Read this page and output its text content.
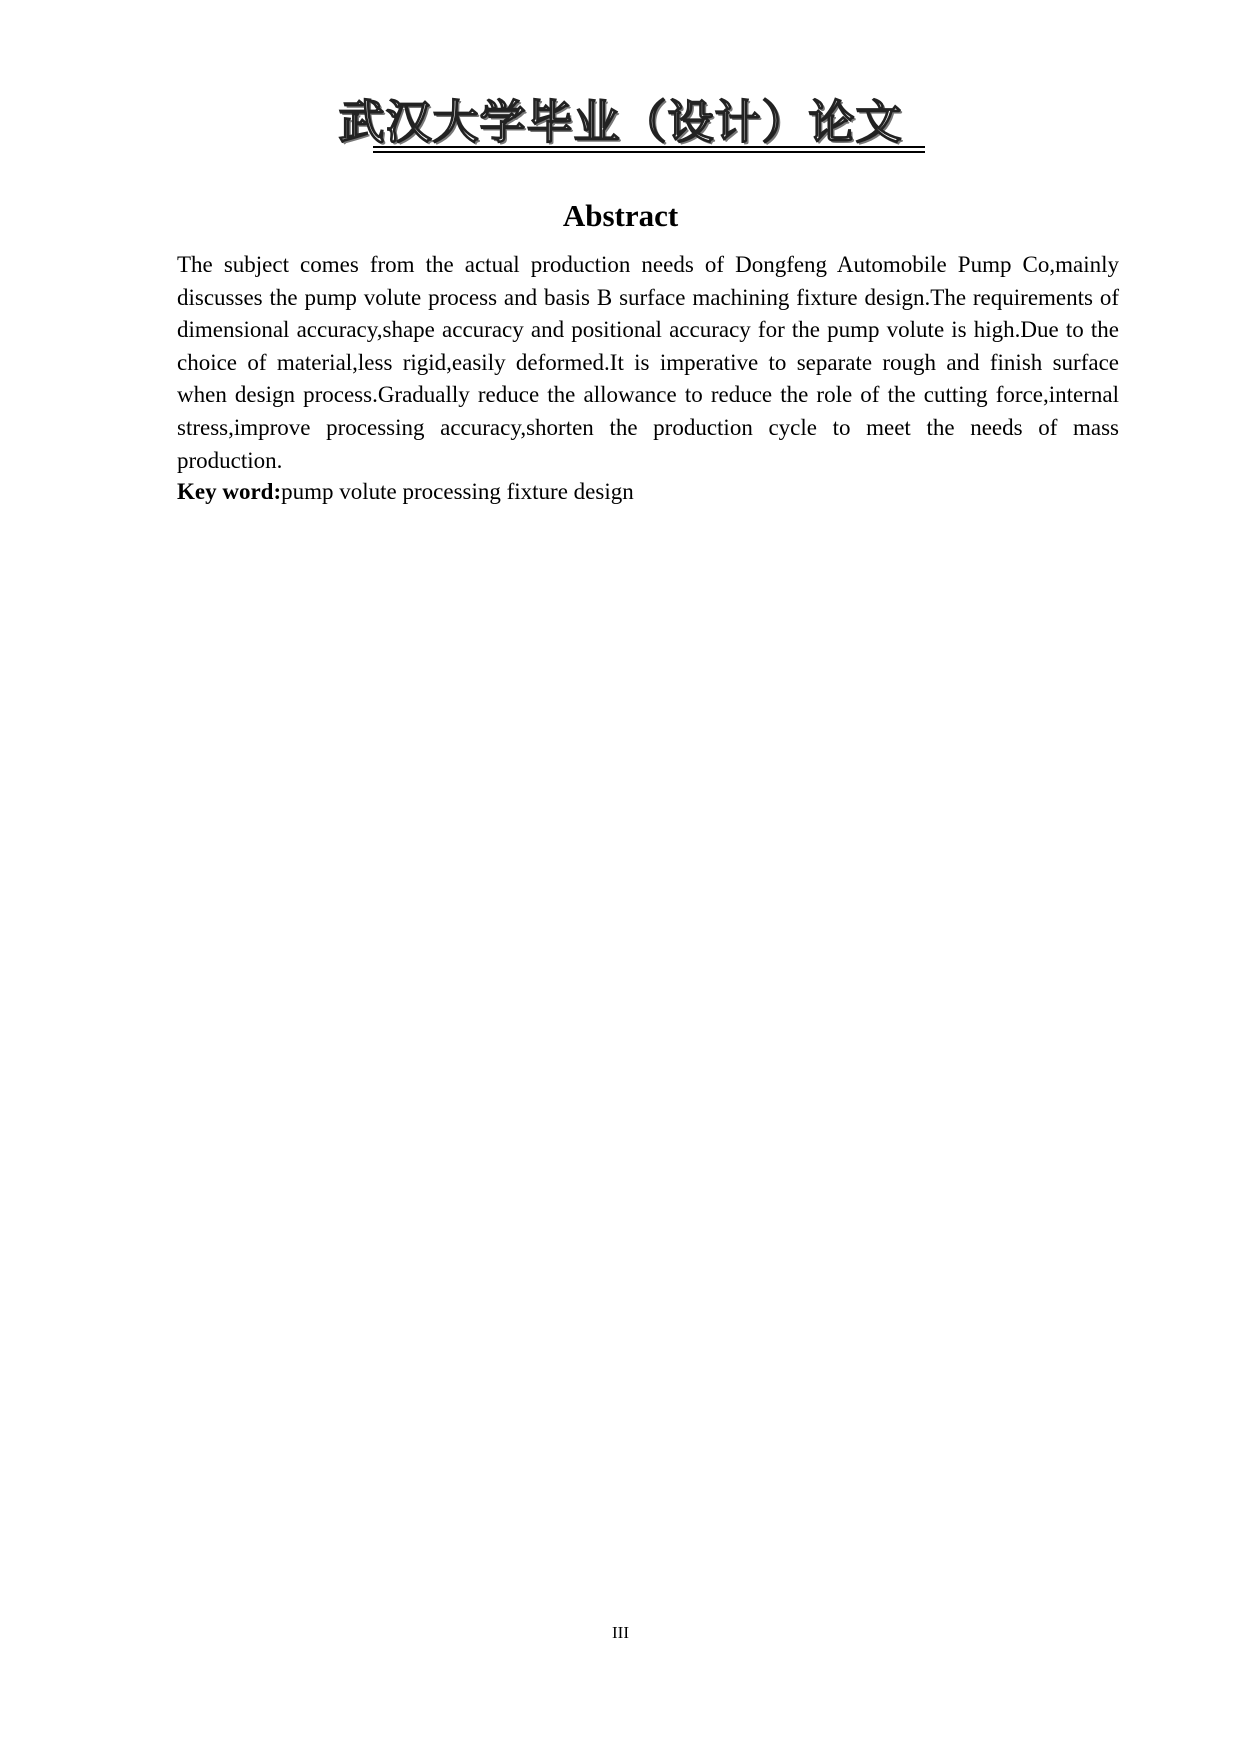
武汉大学毕业（设计）论文
Abstract

The subject comes from the actual production needs of Dongfeng Automobile Pump Co,mainly discusses the pump volute process and basis B surface machining fixture design.The requirements of dimensional accuracy,shape accuracy and positional accuracy for the pump volute is high.Due to the choice of material,less rigid,easily deformed.It is imperative to separate rough and finish surface when design process.Gradually reduce the allowance to reduce the role of the cutting force,internal stress,improve processing accuracy,shorten the production cycle to meet the needs of mass production.

Key word:pump volute processing fixture design

III
